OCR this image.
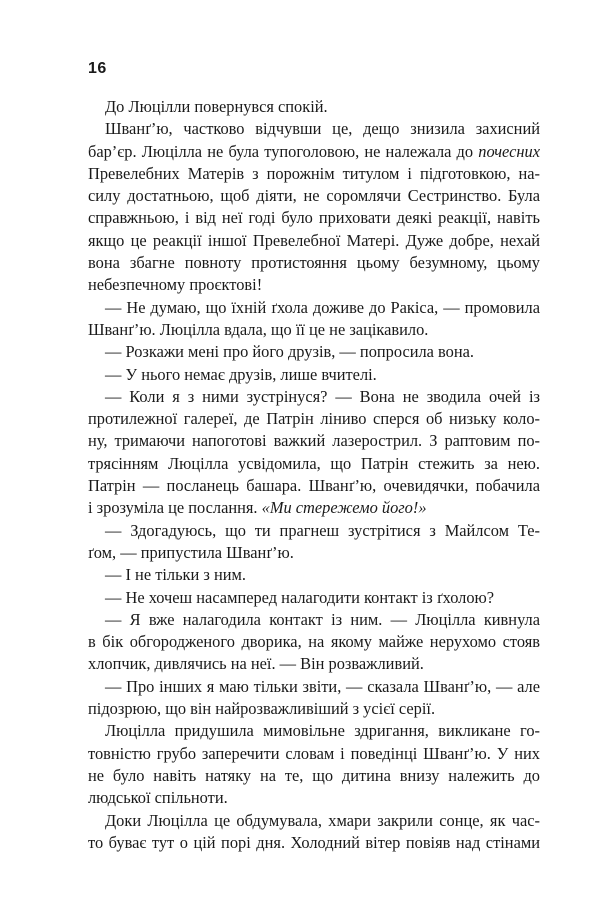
16
До Люцілли повернувся спокій.
Шванґ’ю, частково відчувши це, дещо знизила захисний
бар’єр. Люцілла не була тупоголовою, не належала до почесних
Превелебних Матерів з порожнім титулом і підготовкою, на-
силу достатньою, щоб діяти, не соромлячи Сестринство. Була
справжньою, і від неї годі було приховати деякі реакції, навіть
якщо це реакції іншої Превелебної Матері. Дуже добре, нехай
вона збагне повноту протистояння цьому безумному, цьому
небезпечному проєктові!
— Не думаю, що їхній ґхола доживе до Ракіса, — промовила
Шванґ’ю. Люцілла вдала, що її це не зацікавило.
— Розкажи мені про його друзів, — попросила вона.
— У нього немає друзів, лише вчителі.
— Коли я з ними зустрінуся? — Вона не зводила очей із
протилежної галереї, де Патрін ліниво сперся об низьку коло-
ну, тримаючи напоготові важкий лазерострил. З раптовим по-
трясінням Люцілла усвідомила, що Патрін стежить за нею.
Патрін — посланець башара. Шванґ’ю, очевидячки, побачила
і зрозуміла це послання. «Ми стережемо його!»
— Здогадуюсь, що ти прагнеш зустрітися з Майлсом Те-
ґом, — припустила Шванґ’ю.
— І не тільки з ним.
— Не хочеш насамперед налагодити контакт із ґхолою?
— Я вже налагодила контакт із ним. — Люцілла кивнула
в бік обгородженого дворика, на якому майже нерухомо стояв
хлопчик, дивлячись на неї. — Він розважливий.
— Про інших я маю тільки звіти, — сказала Шванґ’ю, — але
підозрюю, що він найрозважливіший з усієї серії.
Люцілла придушила мимовільне здригання, викликане го-
товністю грубо заперечити словам і поведінці Шванґ’ю. У них
не було навіть натяку на те, що дитина внизу належить до
людської спільноти.
Доки Люцілла це обдумувала, хмари закрили сонце, як час-
то буває тут о цій порі дня. Холодний вітер повіяв над стінами
